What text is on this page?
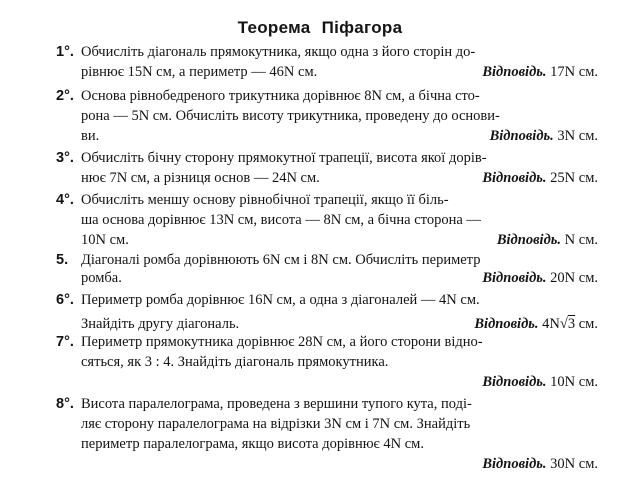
Теорема Піфагора
1°. Обчисліть діагональ прямокутника, якщо одна з його сторін до-
рівнює 15N см, а периметр — 46N см.	Відповідь. 17N см.
2°. Основа рівнобедреного трикутника дорівнює 8N см, а бічна сто-
рона — 5N см. Обчисліть висоту трикутника, проведену до основи-
ви.	Відповідь. 3N см.
3°. Обчисліть бічну сторону прямокутної трапеції, висота якої дорів-
нює 7N см, а різниця основ — 24N см.	Відповідь. 25N см.
4°. Обчисліть меншу основу рівнобічної трапеції, якщо її біль-
ша основа дорівнює 13N см, висота — 8N см, а бічна сторона —
10N см.	Відповідь. N см.
5. Діагоналі ромба дорівнюють 6N см і 8N см. Обчисліть периметр
ромба.	Відповідь. 20N см.
6°. Периметр ромба дорівнює 16N см, а одна з діагоналей — 4N см.
Знайдіть другу діагональ.	Відповідь. 4N√3 см.
7°. Периметр прямокутника дорівнює 28N см, а його сторони відно-
сяться, як 3 : 4. Знайдіть діагональ прямокутника.
Відповідь. 10N см.
8°. Висота паралелограма, проведена з вершини тупого кута, поді-
ляє сторону паралелограма на відрізки 3N см і 7N см. Знайдіть
периметр паралелограма, якщо висота дорівнює 4N см.
Відповідь. 30N см.
